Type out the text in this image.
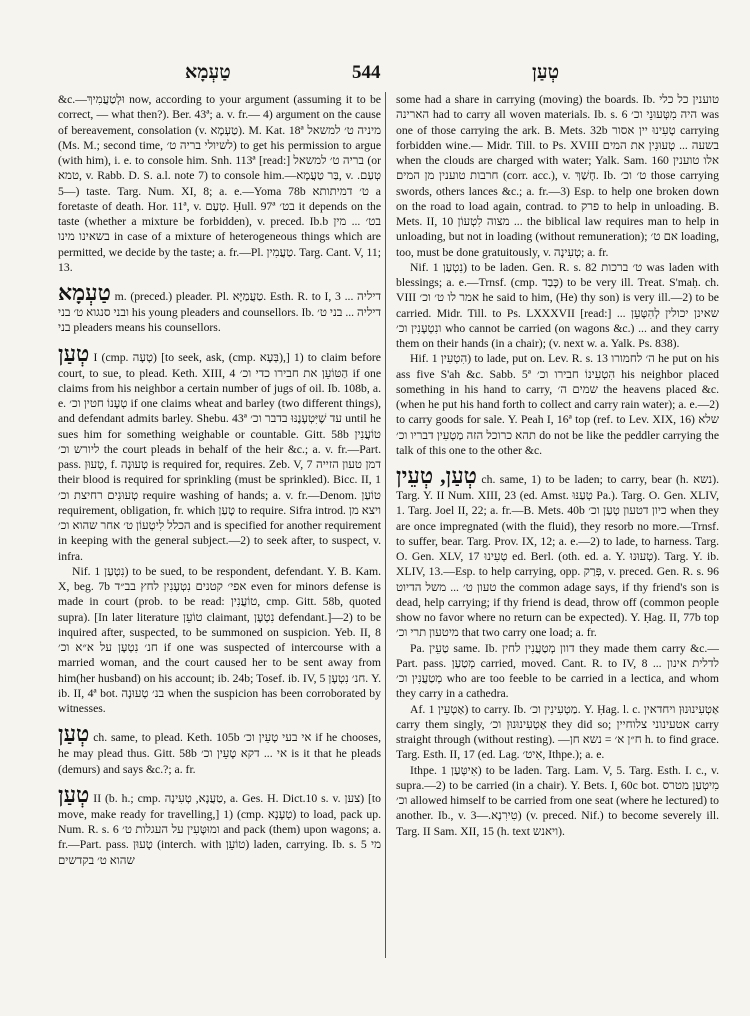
טַעְמָא	544	טְעַן

&c.—וּלְטַעֲמִיךְ now, according to your argument (assuming it to be correct, — what then?). Ber. 43ª; a. v. fr.— 4) argument on the cause of bereavement, consolation (v. טַעְמָא). M. Kat. 18ª מיניה ט׳ למשאל (Ms. M.; second time, לשיולי בריה ט׳) to get his permission to argue (with him), i. e. to console him. Snh. 113ª [read:] בריה ט׳ למשאל (or טמא, v. Rabb. D. S. a.l. note 7) to console him.—בַּר טַעֲמָא, v. טְעַם.—5) taste. Targ. Num. XI, 8; a. e.—Yoma 78b ט׳ דמיתותא a foretaste of death. Hor. 11ª, v. טְעַם. Ḥull. 97ª בט׳ it depends on the taste (whether a mixture be forbidden), v. preced. Ib.b בט׳ ... מין בשאינו מינו in case of a mixture of heterogeneous things which are permitted, we decide by the taste; a. fr.—Pl. טַעֲמִין. Targ. Cant. V, 11; 13.

טַעְמָא m. (preced.) pleader. Pl. טַעֲמַיָּא. Esth. R. to I, 3 דיליה ... ובני סנגוא ט׳ בני his young pleaders and counsellors. Ib. דיליה ... בני ט׳ בני pleaders means his counsellors.

טְעַן I (cmp. טָעָה) [to seek, ask, (cmp. בְּעָא),] 1) to claim before court, to sue, to plead. Keth. XIII, 4 הַטּוֹעֵן את חבירו כדי וכ׳ if one claims from his neighbor a certain number of jugs of oil. Ib. 108b, a. e. טְעָנוֹ חטין וכ׳ if one claims wheat and barley (two different things), and defendant admits barley. Shebu. 43ª עד שֶׁיִּטְעָנֶנּוּ בדבר וכ׳ until he sues him for something weighable or countable. Gitt. 58b טוֹעֲנִין ליורש וכ׳ the court pleads in behalf of the heir &c.; a. v. fr.—Part. pass. טָעוּן, f. טְעוּנָה is required for, requires. Zeb. V, 7 דמן טעון הזייה their blood is required for sprinkling (must be sprinkled). Bicc. II, 1 טְעוּנִים רחיצת וכ׳ require washing of hands; a. v. fr.—Denom. טוֹעַן requirement, obligation, fr. which טָעַן to require. Sifra introd. ויצא מן הכלל לִיטְעוֹן ט׳ אחר שהוא וכ׳ and is specified for another requirement in keeping with the general subject.—2) to seek after, to suspect, v. infra.

Nif. נִטְעַן 1) to be sued, to be respondent, defendant. Y. B. Kam. X, beg. 7b אפי׳ קטנים נִטְעָנִין לחץ בב״ד even for minors defense is made in court (prob. to be read: טוֹעֲנִין, cmp. Gitt. 58b, quoted supra). [In later literature טוֹעֵן claimant, נִטְעָן defendant.]—2) to be inquired after, suspected, to be summoned on suspicion. Yeb. II, 8 חנ׳ נִטְעָן על א״א וכ׳ if one was suspected of intercourse with a married woman, and the court caused her to be sent away from him(her husband) on his account; ib. 24b; Tosef. ib. IV, 5 חנ׳ נִטְעָן. Y. ib. II, 4ª bot. בנ׳ טְעוּנָה when the suspicion has been corroborated by witnesses.

טְעַן ch. same, to plead. Keth. 105b אי בעי טָעֵין וכ׳ if he chooses, he may plead thus. Gitt. 58b אי ... דקא טָעֵין וכ׳ is it that he pleads (demurs) and says &c.?; a. fr.

טְעַן II (b. h.; cmp. טַעֲנָא, טְעִינָה, a. Ges. H. Dict.10 s. v. צען) [to move, make ready for travelling,] 1) (cmp. טְעָנָא) to load, pack up. Num. R. s. 6 ומוּטָּעִין על העגלות ט׳ and pack (them) upon wagons; a. fr.—Part. pass. טָעוּן (interch. with טוֹעֵן) laden, carrying. Ib. s. 5 מי שהוא ט׳ בקדשים

some had a share in carrying (moving) the boards. Ib. טוענין כל כלי הארינה had to carry all woven materials. Ib. s. 6 היה מִטְּעוּנֵי וכ׳ was one of those carrying the ark. B. Mets. 32b טְעִינוּ יין אסור carrying forbidden wine.— Midr. Till. to Ps. XVIII בשעה ... טְעוּנִין את המים when the clouds are charged with water; Yalk. Sam. 160 אלו טוענין חרבות טוענין מן המים (corr. acc.), v. חָשַׁךְ. Ib. ט׳ וכ׳ those carrying swords, others lances &c.; a. fr.—3) Esp. to help one broken down on the road to load again, contrad. to פרק to help in unloading. B. Mets. II, 10 מצוה לִטְעוֹן ... the biblical law requires man to help in unloading, but not in loading (without remuneration); אם ט׳ loading, too, must be done gratuitously, v. טְעִינָה; a. fr.

Nif. נִטְעַן 1) to be laden. Gen. R. s. 82 ט׳ ברכות was laden with blessings; a. e.—Trnsf. (cmp. כָּבַד) to be very ill. Treat. S'maḥ. ch. VIII אמר לו ט׳ וכ׳ he said to him, (He) thy son) is very ill.—2) to be carried. Midr. Till. to Ps. LXXXVII [read:] שאינן יכולין לְהִטָּעֵן ... ונִטְעָנִין וכ׳ who cannot be carried (on wagons &c.) ... and they carry them on their hands (in a chair); (v. next w. a. Yalk. Ps. 838).

Hif. הִטְעִין 1) to lade, put on. Lev. R. s. 13 ה׳ לחמורו he put on his ass five S'ah &c. Sabb. 5ª הִטְעִינוֹ חבירו וכ׳ his neighbor placed something in his hand to carry, שמים ה׳ the heavens placed &c. (when he put his hand forth to collect and carry rain water); a. e.—2) to carry goods for sale. Y. Peah I, 16ª top (ref. to Lev. XIX, 16) שלא תהא כרוכל הזה מַטְעִין דבריו וכ׳ do not be like the peddler carrying the talk of this one to the other &c.

טְעַן, טְעֵין ch. same, 1) to be laden; to carry, bear (h. נשא). Targ. Y. II Num. XIII, 23 (ed. Amst. טְעַנּוּ Pa.). Targ. O. Gen. XLIV, 1. Targ. Joel II, 22; a. fr.—B. Mets. 40b כיון דטעון טְעַן וכ׳ when they are once impregnated (with the fluid), they resorb no more.—Trnsf. to suffer, bear. Targ. Prov. IX, 12; a. e.—2) to lade, to harness. Targ. O. Gen. XLV, 17 טְעִינוּ ed. Berl. (oth. ed. a. Y. טְעוּנוּ). Targ. Y. ib. XLIV, 13.—Esp. to help carrying, opp. פְּרַק, v. preced. Gen. R. s. 96 טעון ט׳ ... משל הדיוט the common adage says, if thy friend's son is dead, help carrying; if thy friend is dead, throw off (common people show no favor where no return can be expected). Y. Ḥag. II, 77b top מיטעון תרי וכ׳ that two carry one load; a. fr.

Pa. טַעֵין same. Ib. דוון מְטַעֲנִין לחין they made them carry &c.—Part. pass. מְטַעַן carried, moved. Cant. R. to IV, 8 לדלית אינון ... מְטַעֲנִין וכ׳ who are too feeble to be carried in a lectica, and whom they carry in a cathedra.

Af. אַטְעֵין 1) to carry. Ib. מַטְעִינִין וכ׳. Y. Ḥag. l. c. אַטְעִינוּנוּן ויחדאין carry them singly, אַטְעִינוּנוּן וכ׳ they did so; אטעינוני צלוחיין carry straight through (without resting). —ח״ן א׳ = נשא חן h. to find grace. Targ. Esth. II, 17 (ed. Lag. אִיט׳, Ithpe.); a. e.

Ithpe. אִיטְּעַן 1) to be laden. Targ. Lam. V, 5. Targ. Esth. I. c., v. supra.—2) to be carried (in a chair). Y. Bets. I, 60c bot. מִיטְעַן מטרס וכ׳ allowed himself to be carried from one seat (where he lectured) to another. Ib., v. טִירִנָא.—3) (v. preced. Nif.) to become severely ill. Targ. II Sam. XII, 15 (h. text ויאנש).
